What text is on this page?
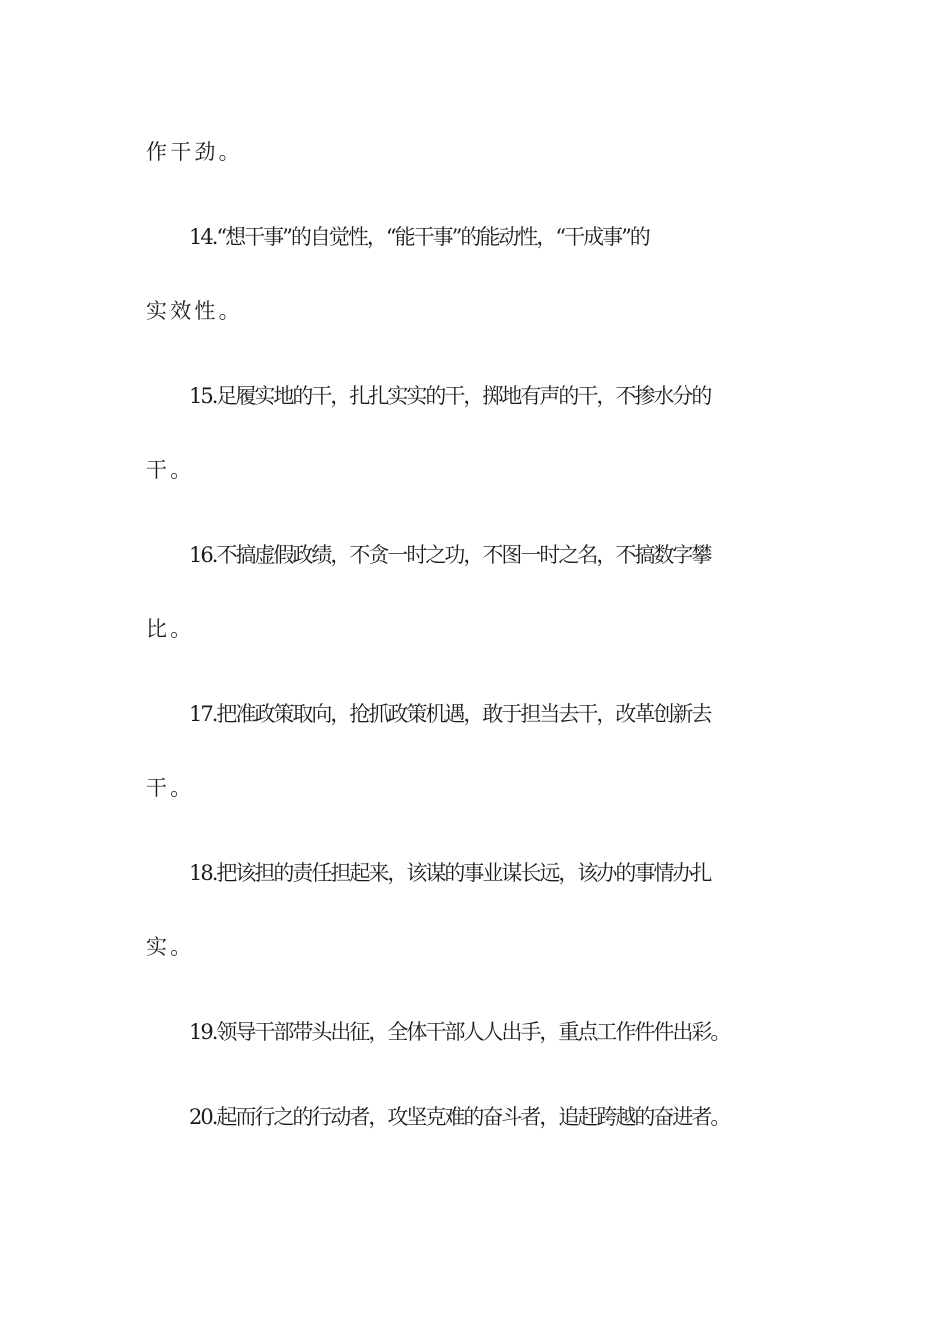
作干劲。
14.“想干事”的自觉性，“能干事”的能动性，“干成事”的
实效性。
15.足履实地的干，扎扎实实的干，掷地有声的干，不掺水分的
干。
16.不搞虚假政绩，不贪一时之功，不图一时之名，不搞数字攀
比。
17.把准政策取向，抢抓政策机遇，敢于担当去干，改革创新去
干。
18.把该担的责任担起来，该谋的事业谋长远，该办的事情办扎
实。
19.领导干部带头出征，全体干部人人出手，重点工作件件出彩。
20.起而行之的行动者，攻坚克难的奋斗者，追赶跨越的奋进者。
